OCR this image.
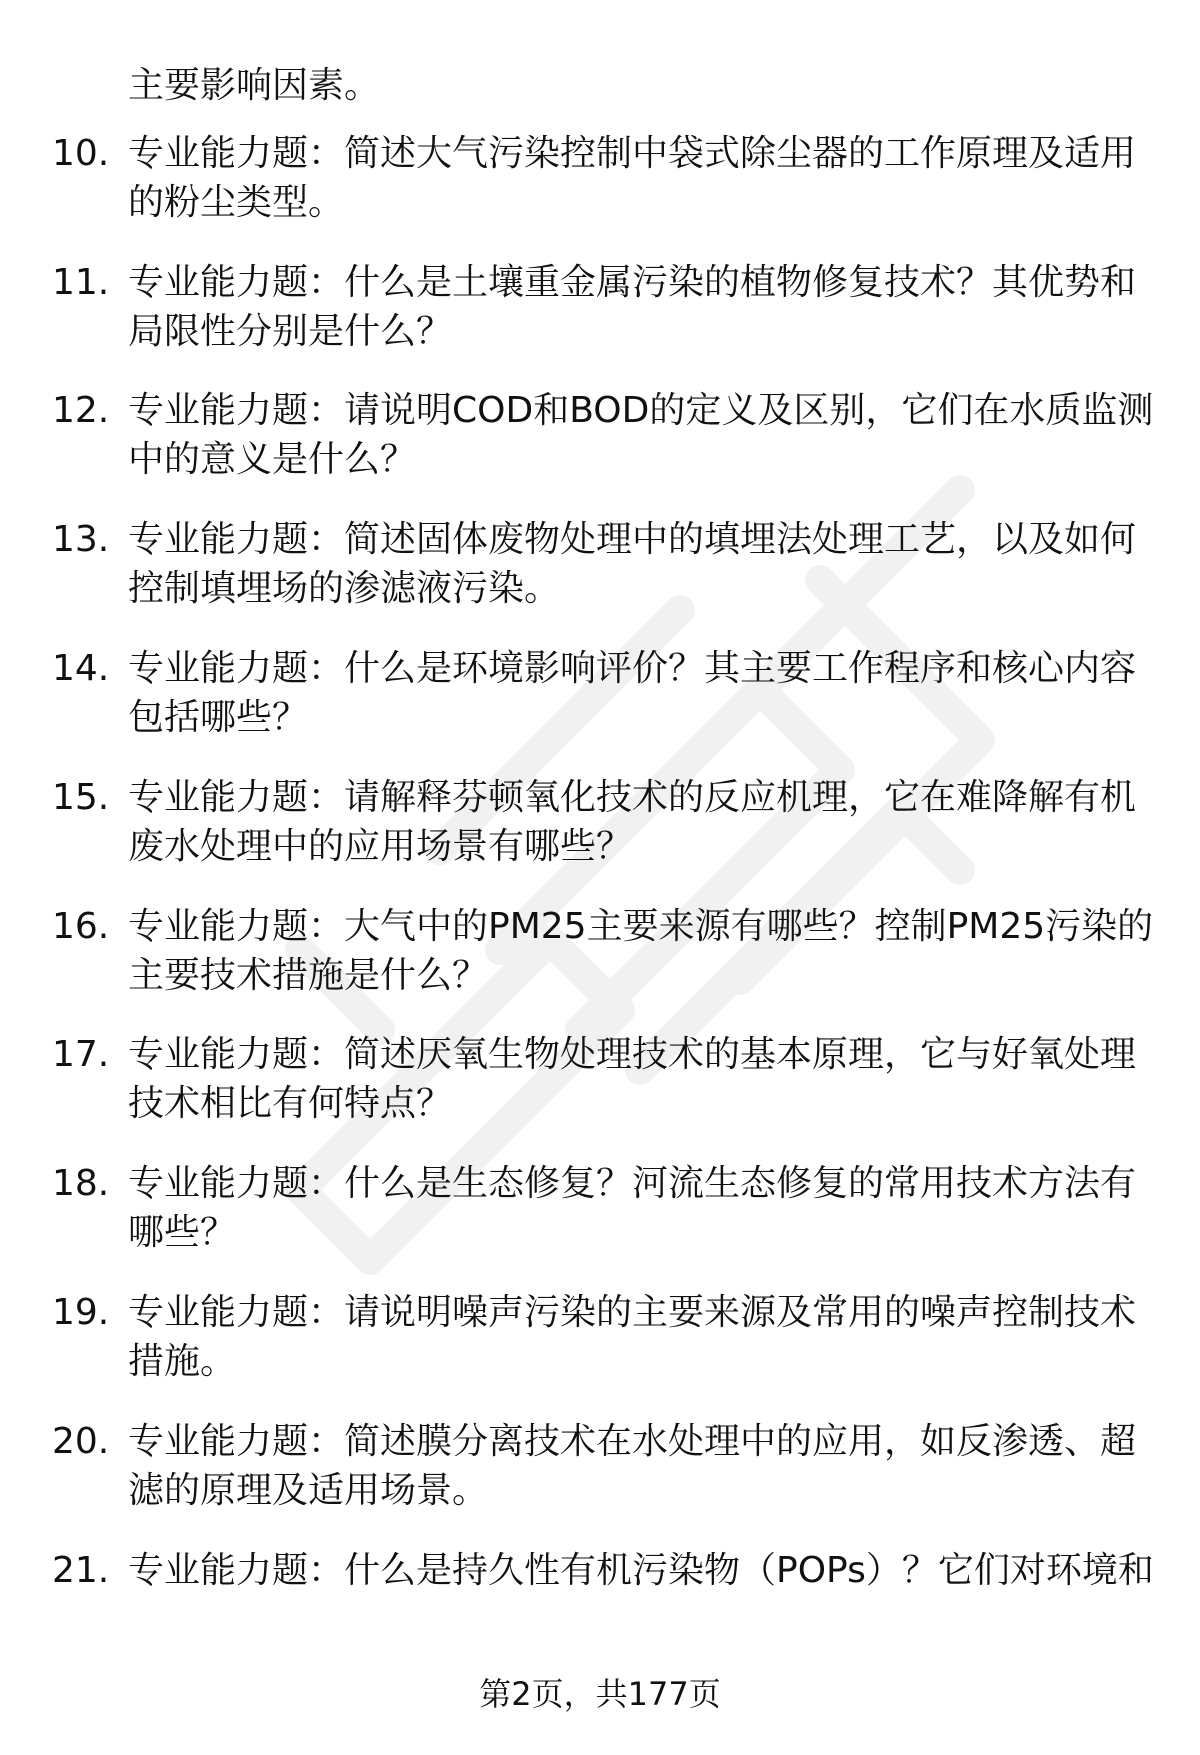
主要影响因素。
10. 专业能力题：简述大气污染控制中袋式除尘器的工作原理及适用
的粉尘类型。
11. 专业能力题：什么是土壤重金属污染的植物修复技术？其优势和
局限性分别是什么？
12. 专业能力题：请说明COD和BOD的定义及区别，它们在水质监测
中的意义是什么？
13. 专业能力题：简述固体废物处理中的填埋法处理工艺，以及如何
控制填埋场的渗滤液污染。
14. 专业能力题：什么是环境影响评价？其主要工作程序和核心内容
包括哪些？
15. 专业能力题：请解释芬顿氧化技术的反应机理，它在难降解有机
废水处理中的应用场景有哪些？
16. 专业能力题：大气中的PM25主要来源有哪些？控制PM25污染的
主要技术措施是什么？
17. 专业能力题：简述厌氧生物处理技术的基本原理，它与好氧处理
技术相比有何特点？
18. 专业能力题：什么是生态修复？河流生态修复的常用技术方法有
哪些？
19. 专业能力题：请说明噪声污染的主要来源及常用的噪声控制技术
措施。
20. 专业能力题：简述膜分离技术在水处理中的应用，如反渗透、超
滤的原理及适用场景。
21. 专业能力题：什么是持久性有机污染物（POPs）？它们对环境和
第2页，共177页
